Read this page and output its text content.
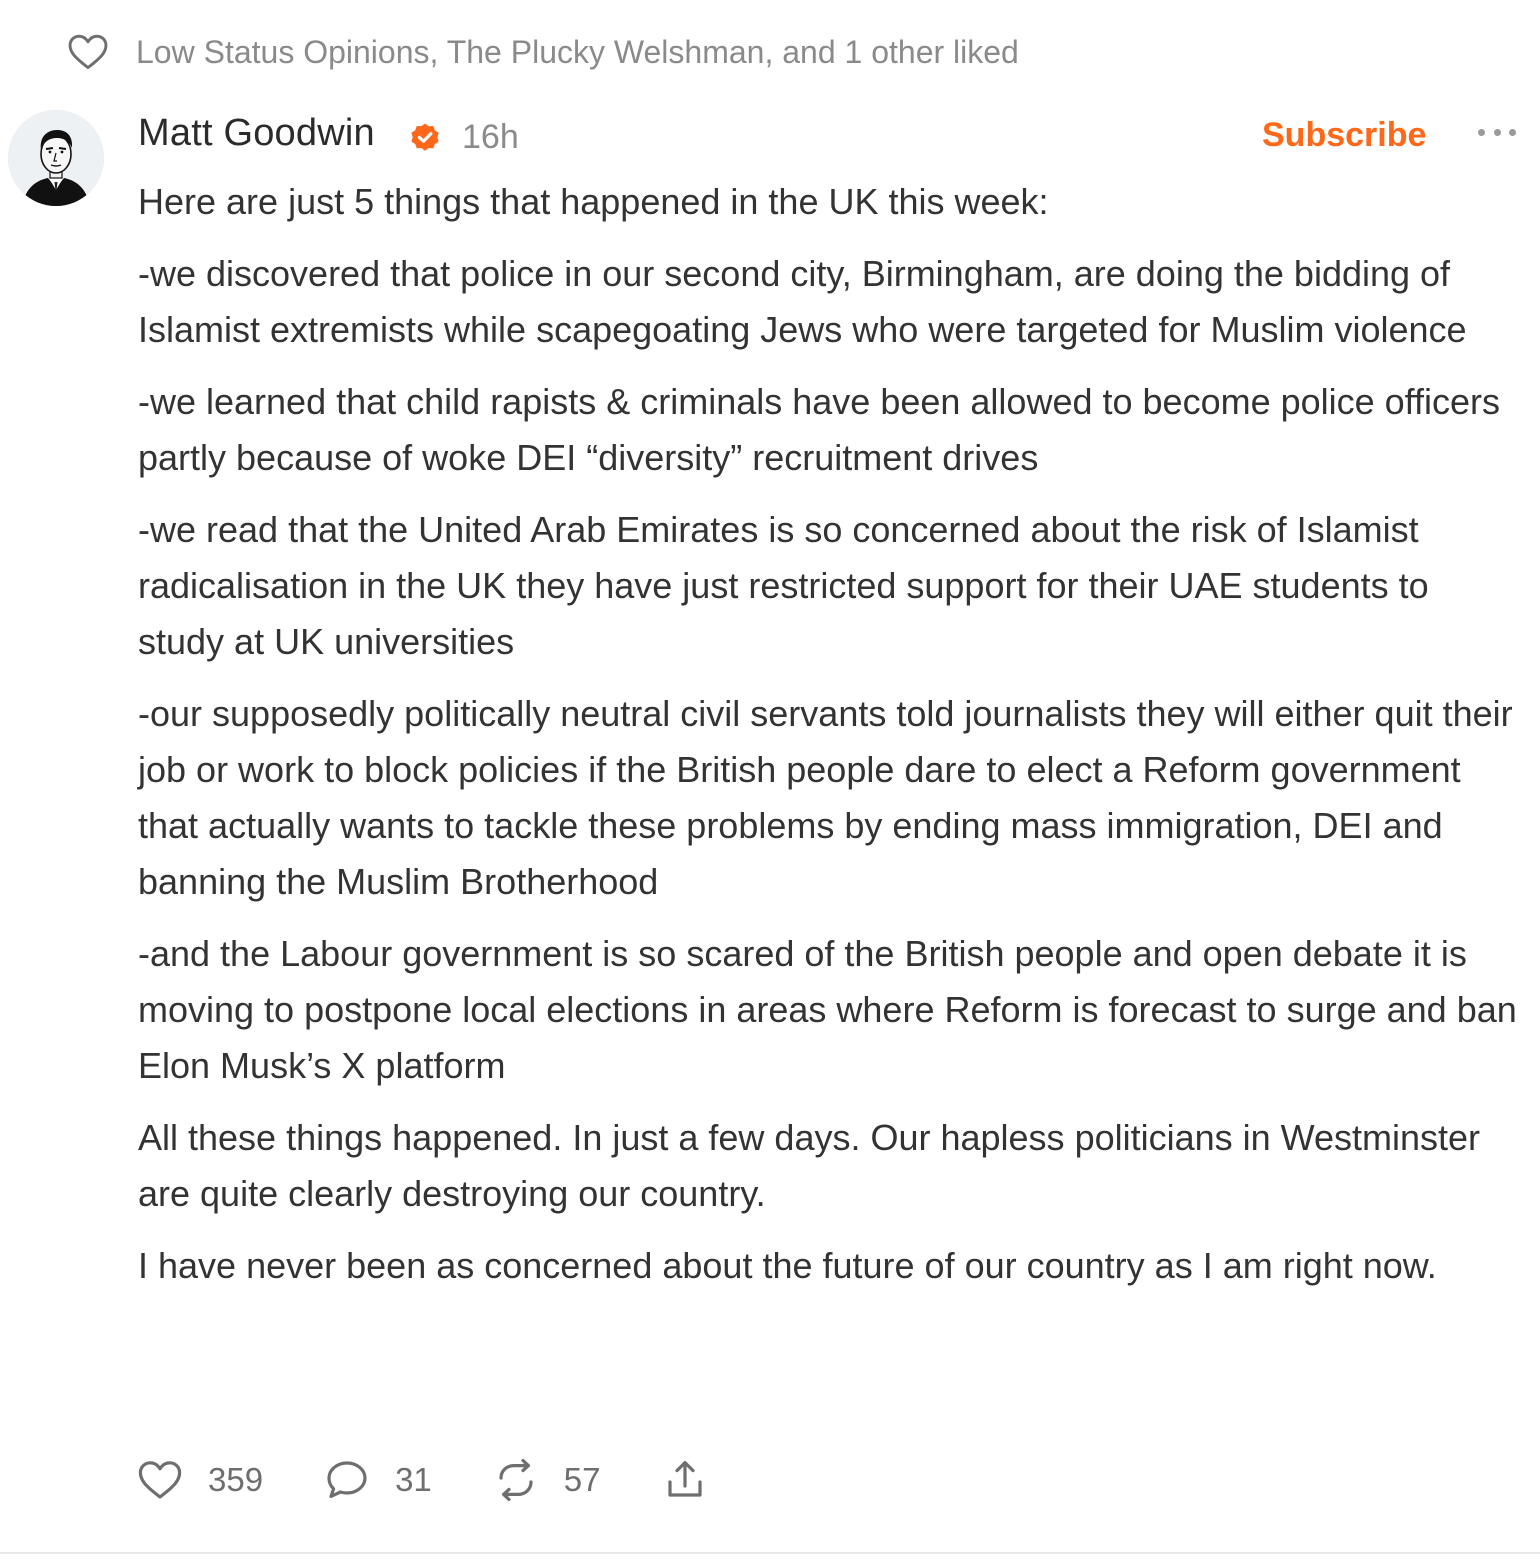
Low Status Opinions, The Plucky Welshman, and 1 other liked
Matt Goodwin	16h	Subscribe

Here are just 5 things that happened in the UK this week:

-we discovered that police in our second city, Birmingham, are doing the bidding of Islamist extremists while scapegoating Jews who were targeted for Muslim violence

-we learned that child rapists & criminals have been allowed to become police officers partly because of woke DEI “diversity” recruitment drives

-we read that the United Arab Emirates is so concerned about the risk of Islamist radicalisation in the UK they have just restricted support for their UAE students to study at UK universities

-our supposedly politically neutral civil servants told journalists they will either quit their job or work to block policies if the British people dare to elect a Reform government that actually wants to tackle these problems by ending mass immigration, DEI and banning the Muslim Brotherhood

-and the Labour government is so scared of the British people and open debate it is moving to postpone local elections in areas where Reform is forecast to surge and ban Elon Musk’s X platform

All these things happened. In just a few days. Our hapless politicians in Westminster are quite clearly destroying our country.

I have never been as concerned about the future of our country as I am right now.

359	31	57
